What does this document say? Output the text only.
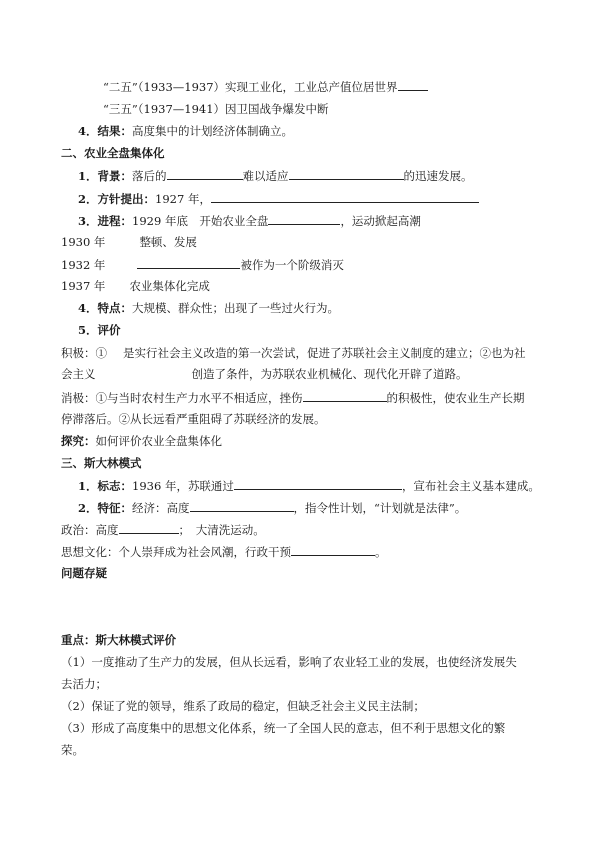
“二五”（1933—1937）实现工业化，工业总产值位居世界
“三五”（1937—1941）因卫国战争爆发中断
4．结果：高度集中的计划经济体制确立。
二、农业全盘集体化
1．背景：落后的	难以适应	的迅速发展。
2．方针提出：1927 年，
3．进程：1929 年底　开始农业全盘	，运动掀起高潮
1930 年	整顿、发展
1932 年	被作为一个阶级消灭
1937 年 农业集体化完成
4．特点：大规模、群众性；出现了一些过火行为。
5．评价
积极：① 是实行社会主义改造的第一次尝试，促进了苏联社会主义制度的建立；②也为社
会主义	创造了条件，为苏联农业机械化、现代化开辟了道路。
消极：①与当时农村生产力水平不相适应，挫伤	的积极性，使农业生产长期
停滞落后。②从长远看严重阻碍了苏联经济的发展。
探究：如何评价农业全盘集体化
三、斯大林模式
1．标志：1936 年，苏联通过	，宣布社会主义基本建成。
2．特征：经济：高度	，指令性计划，“计划就是法律”。
政治：高度	；　大清洗运动。
思想文化：个人崇拜成为社会风潮，行政干预	。
问题存疑
重点：斯大林模式评价
（1）一度推动了生产力的发展，但从长远看，影响了农业轻工业的发展，也使经济发展失
去活力；
（2）保证了党的领导，维系了政局的稳定，但缺乏社会主义民主法制；
（3）形成了高度集中的思想文化体系，统一了全国人民的意志，但不利于思想文化的繁
荣。
